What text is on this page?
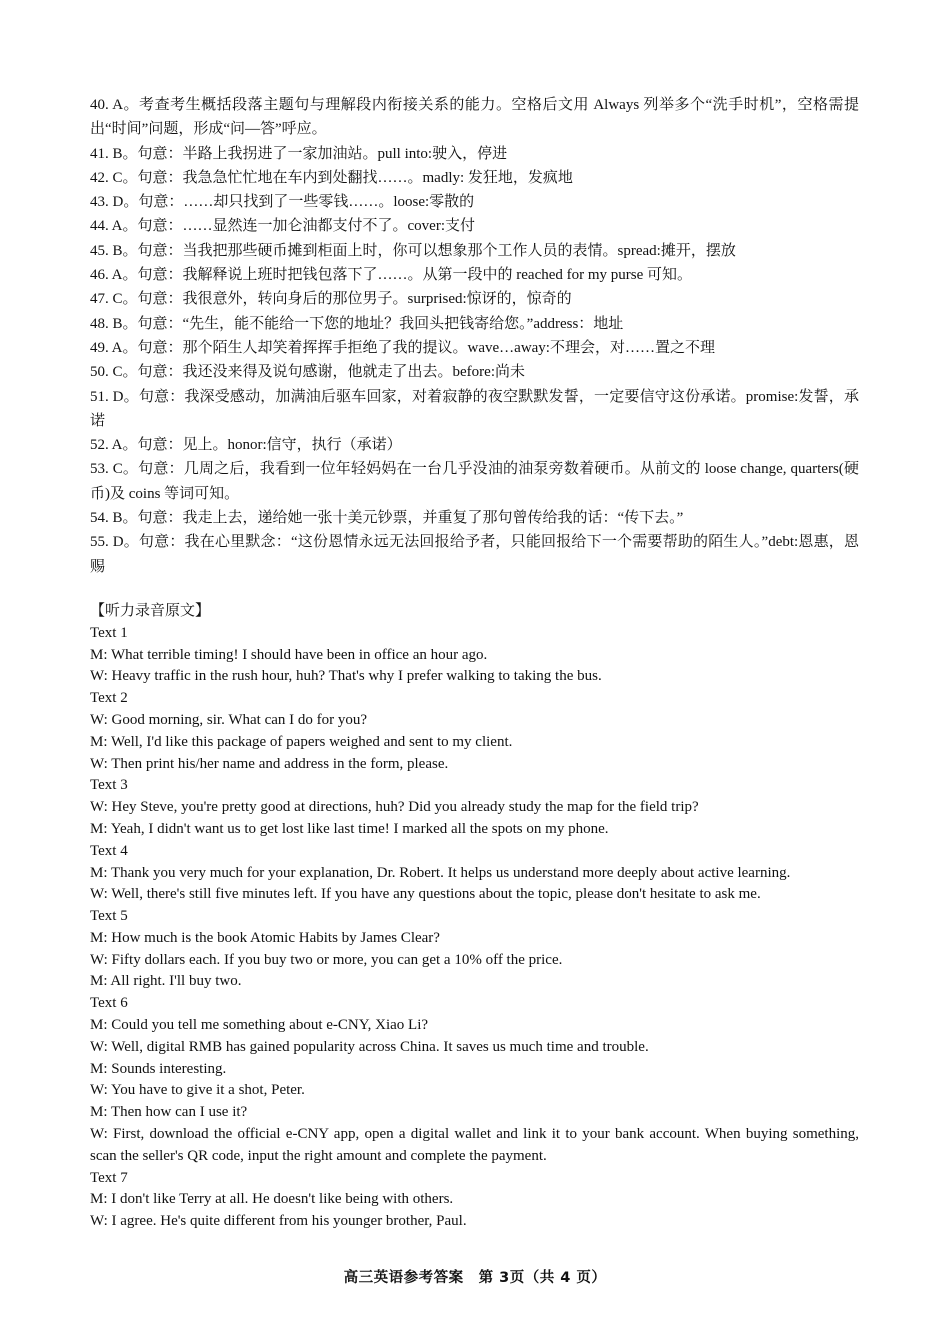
40. A。考查考生概括段落主题句与理解段内衔接关系的能力。空格后文用 Always 列举多个“洗手时机”，空格需提出“时间”问题，形成“问—答”呼应。

41. B。句意：半路上我拐进了一家加油站。pull into:驶入，停进

42. C。句意：我急急忙忙地在车内到处翻找……。madly: 发狂地，发疯地

43. D。句意：……却只找到了一些零钱……。loose:零散的

44. A。句意：……显然连一加仑油都支付不了。cover:支付

45. B。句意：当我把那些硬币摊到柜面上时，你可以想象那个工作人员的表情。spread:摊开，摆放

46. A。句意：我解释说上班时把钱包落下了……。从第一段中的 reached for my purse 可知。

47. C。句意：我很意外，转向身后的那位男子。surprised:惊讶的，惊奇的

48. B。句意：“先生，能不能给一下您的地址？我回头把钱寄给您。”address：地址

49. A。句意：那个陌生人却笑着挥挥手拒绝了我的提议。wave…away:不理会，对……置之不理

50. C。句意：我还没来得及说句感谢，他就走了出去。before:尚未

51. D。句意：我深受感动，加满油后驱车回家，对着寂静的夜空默默发誓，一定要信守这份承诺。promise:发誓，承诺

52. A。句意：见上。honor:信守，执行（承诺）

53. C。句意：几周之后，我看到一位年轻妈妈在一台几乎没油的油泵旁数着硬币。从前文的 loose change, quarters(硬币)及 coins 等词可知。

54. B。句意：我走上去，递给她一张十美元钞票，并重复了那句曾传给我的话：“传下去。”

55. D。句意：我在心里默念：“这份恩情永远无法回报给予者，只能回报给下一个需要帮助的陌生人。”debt:恩惠，恩赐

【听力录音原文】

Text 1

M: What terrible timing! I should have been in office an hour ago.

W: Heavy traffic in the rush hour, huh? That's why I prefer walking to taking the bus.

Text 2

W: Good morning, sir. What can I do for you?

M: Well, I'd like this package of papers weighed and sent to my client.

W: Then print his/her name and address in the form, please.

Text 3

W: Hey Steve, you're pretty good at directions, huh? Did you already study the map for the field trip?

M: Yeah, I didn't want us to get lost like last time! I marked all the spots on my phone.

Text 4

M: Thank you very much for your explanation, Dr. Robert. It helps us understand more deeply about active learning.

W: Well, there's still five minutes left. If you have any questions about the topic, please don't hesitate to ask me.

Text 5

M: How much is the book Atomic Habits by James Clear?

W: Fifty dollars each. If you buy two or more, you can get a 10% off the price.

M: All right. I'll buy two.

Text 6

M: Could you tell me something about e-CNY, Xiao Li?

W: Well, digital RMB has gained popularity across China. It saves us much time and trouble.

M: Sounds interesting.

W: You have to give it a shot, Peter.

M: Then how can I use it?

W: First, download the official e-CNY app, open a digital wallet and link it to your bank account. When buying something, scan the seller's QR code, input the right amount and complete the payment.

Text 7

M: I don't like Terry at all. He doesn't like being with others.

W: I agree. He's quite different from his younger brother, Paul.

高三英语参考答案　第 3页（共 4 页）
